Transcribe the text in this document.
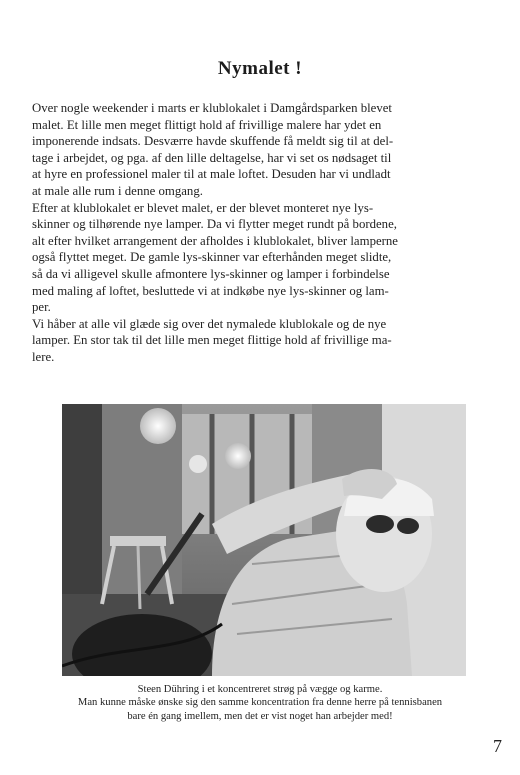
Nymalet !
Over nogle weekender i marts er klublokalet i Damgårdsparken blevet
malet. Et lille men meget flittigt hold af frivillige malere har ydet en
imponerende indsats. Desværre havde skuffende få meldt sig til at del-
tage i arbejdet, og pga. af den lille deltagelse, har vi set os nødsaget til
at hyre en professionel maler til at male loftet. Desuden har vi undladt
at male alle rum i denne omgang.
Efter at klublokalet er blevet malet, er der blevet monteret nye lys-
skinner og tilhørende nye lamper. Da vi flytter meget rundt på bordene,
alt efter hvilket arrangement der afholdes i klublokalet, bliver lamperne
også flyttet meget. De gamle lys-skinner var efterhånden meget slidte,
så da vi alligevel skulle afmontere lys-skinner og lamper i forbindelse
med maling af loftet, besluttede vi at indkøbe nye lys-skinner og lam-
per.
Vi håber at alle vil glæde sig over det nymalede klublokale og de nye
lamper. En stor tak til det lille men meget flittige hold af frivillige ma-
lere.
Steen Dühring i et koncentreret strøg på vægge og karme.
Man kunne måske ønske sig den samme koncentration fra denne herre på tennisbanen
bare én gang imellem, men det er vist noget han arbejder med!
7
